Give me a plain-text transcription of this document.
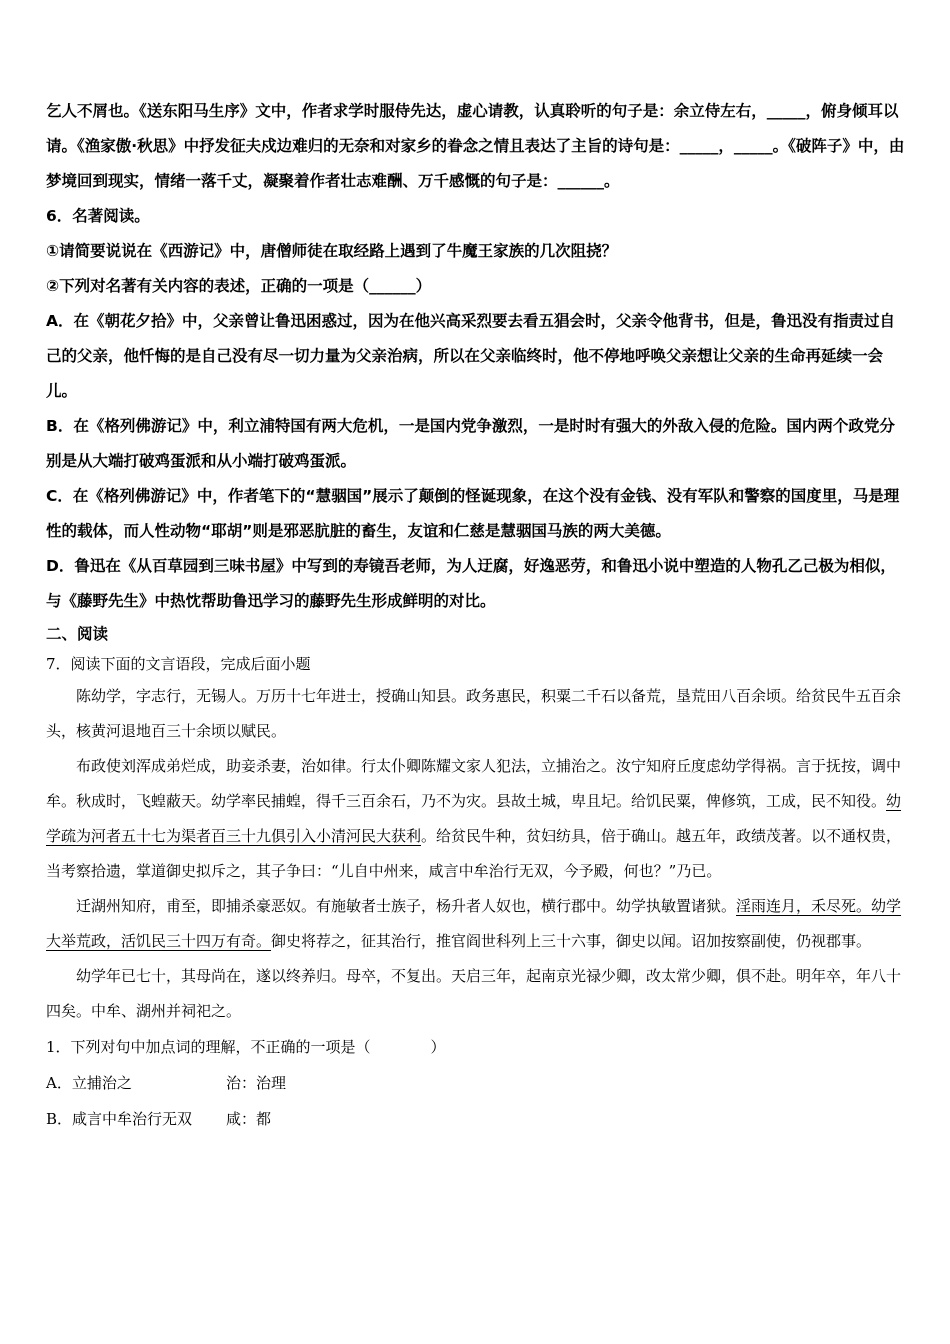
乞人不屑也。《送东阳马生序》文中，作者求学时服侍先达，虚心请教，认真聆听的句子是：余立侍左右，_____，俯身倾耳以请。《渔家傲·秋思》中抒发征夫戍边难归的无奈和对家乡的眷念之情且表达了主旨的诗句是：_____，_____。《破阵子》中，由梦境回到现实，情绪一落千丈，凝聚着作者壮志难酬、万千感慨的句子是：______。

6．名著阅读。

①请简要说说在《西游记》中，唐僧师徒在取经路上遇到了牛魔王家族的几次阻挠？

②下列对名著有关内容的表述，正确的一项是（______）

A．在《朝花夕拾》中，父亲曾让鲁迅困惑过，因为在他兴高采烈要去看五猖会时，父亲令他背书，但是，鲁迅没有指责过自己的父亲，他忏悔的是自己没有尽一切力量为父亲治病，所以在父亲临终时，他不停地呼唤父亲想让父亲的生命再延续一会儿。

B．在《格列佛游记》中，利立浦特国有两大危机，一是国内党争激烈，一是时时有强大的外敌入侵的危险。国内两个政党分别是从大端打破鸡蛋派和从小端打破鸡蛋派。

C．在《格列佛游记》中，作者笔下的“慧骃国”展示了颠倒的怪诞现象，在这个没有金钱、没有军队和警察的国度里，马是理性的载体，而人性动物“耶胡”则是邪恶肮脏的畜生，友谊和仁慈是慧骃国马族的两大美德。

D．鲁迅在《从百草园到三味书屋》中写到的寿镜吾老师，为人迂腐，好逸恶劳，和鲁迅小说中塑造的人物孔乙己极为相似，与《藤野先生》中热忱帮助鲁迅学习的藤野先生形成鲜明的对比。

二、阅读

7．阅读下面的文言语段，完成后面小题

陈幼学，字志行，无锡人。万历十七年进士，授确山知县。政务惠民，积粟二千石以备荒，垦荒田八百余顷。给贫民牛五百余头，核黄河退地百三十余顷以赋民。

布政使刘浑成弟烂成，助妾杀妻，治如律。行太仆卿陈耀文家人犯法，立捕治之。汝宁知府丘度虑幼学得祸。言于抚按，调中牟。秋成时，飞蝗蔽天。幼学率民捕蝗，得千三百余石，乃不为灾。县故土城，卑且圮。给饥民粟，俾修筑，工成，民不知役。幼学疏为河者五十七为渠者百三十九俱引入小清河民大获利。给贫民牛种，贫妇纺具，倍于确山。越五年，政绩茂著。以不通权贵，当考察拾遗，掌道御史拟斥之，其子争曰：“儿自中州来，咸言中牟治行无双，今予殿，何也？”乃已。

迁湖州知府，甫至，即捕杀豪恶奴。有施敏者士族子，杨升者人奴也，横行郡中。幼学执敏置诸狱。淫雨连月，禾尽死。幼学大举荒政，活饥民三十四万有奇。御史将荐之，征其治行，推官阎世科列上三十六事，御史以闻。诏加按察副使，仍视郡事。

幼学年已七十，其母尚在，遂以终养归。母卒，不复出。天启三年，起南京光禄少卿，改太常少卿，俱不赴。明年卒，年八十四矣。中牟、湖州并祠祀之。

1．下列对句中加点词的理解，不正确的一项是（　　　　）

A．立捕治之	治：治理
B．咸言中牟治行无双	咸：都
